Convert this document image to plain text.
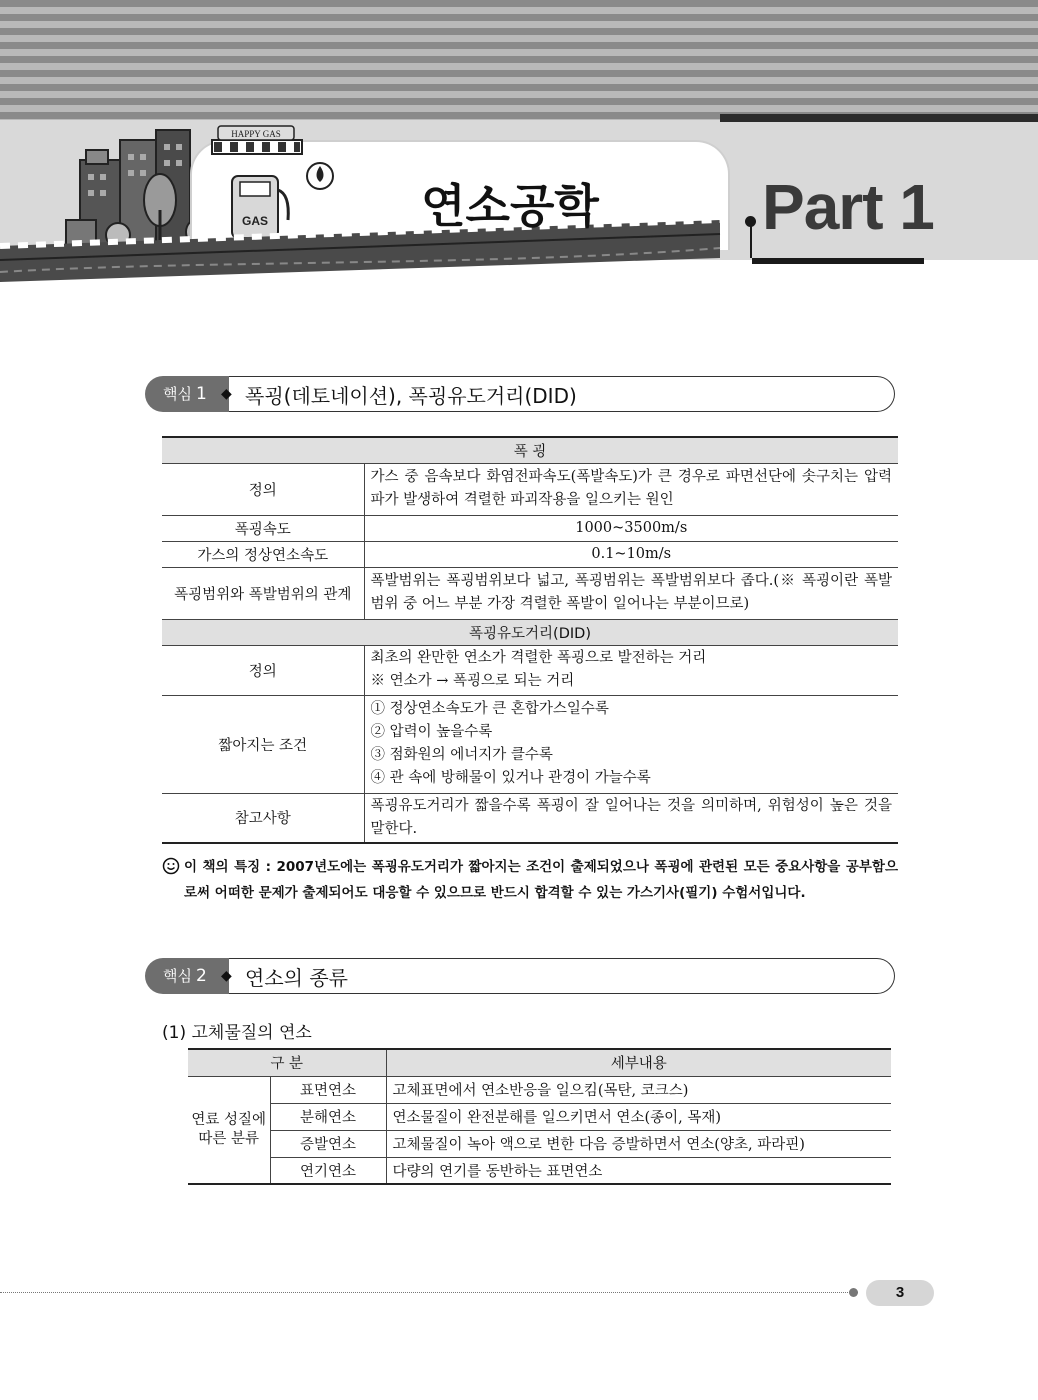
HAPPY GAS
GAS	연소공학	Part 1
핵심 1	◆ 폭굉(데토네이션), 폭굉유도거리(DID)
폭 굉	
정의	가스 중 음속보다 화염전파속도(폭발속도)가 큰 경우로 파면선단에 솟구치는 압력파가 발생하여 격렬한 파괴작용을 일으키는 원인
폭굉속도	1000~3500m/s
가스의 정상연소속도	0.1~10m/s
폭굉범위와 폭발범위의 관계	폭발범위는 폭굉범위보다 넓고, 폭굉범위는 폭발범위보다 좁다.(※ 폭굉이란 폭발범위 중 어느 부분 가장 격렬한 폭발이 일어나는 부분이므로)
폭굉유도거리(DID)	
정의	최초의 완만한 연소가 격렬한 폭굉으로 발전하는 거리
※ 연소가 → 폭굉으로 되는 거리

짧아지는 조건	① 정상연소속도가 큰 혼합가스일수록
② 압력이 높을수록
③ 점화원의 에너지가 클수록
④ 관 속에 방해물이 있거나 관경이 가늘수록

참고사항	폭굉유도거리가 짧을수록 폭굉이 잘 일어나는 것을 의미하며, 위험성이 높은 것을 말한다.
이 책의 특징 : 2007년도에는 폭굉유도거리가 짧아지는 조건이 출제되었으나 폭굉에 관련된 모든 중요사항을 공부함으로써 어떠한 문제가 출제되어도 대응할 수 있으므로 반드시 합격할 수 있는 가스기사(필기) 수험서입니다.
핵심 2	◆ 연소의 종류
(1) 고체물질의 연소
구 분		세부내용
연료 성질에 따른 분류	표면연소	고체표면에서 연소반응을 일으킴(목탄, 코크스)
	분해연소	연소물질이 완전분해를 일으키면서 연소(종이, 목재)
	증발연소	고체물질이 녹아 액으로 변한 다음 증발하면서 연소(양초, 파라핀)
	연기연소	다량의 연기를 동반하는 표면연소
3
